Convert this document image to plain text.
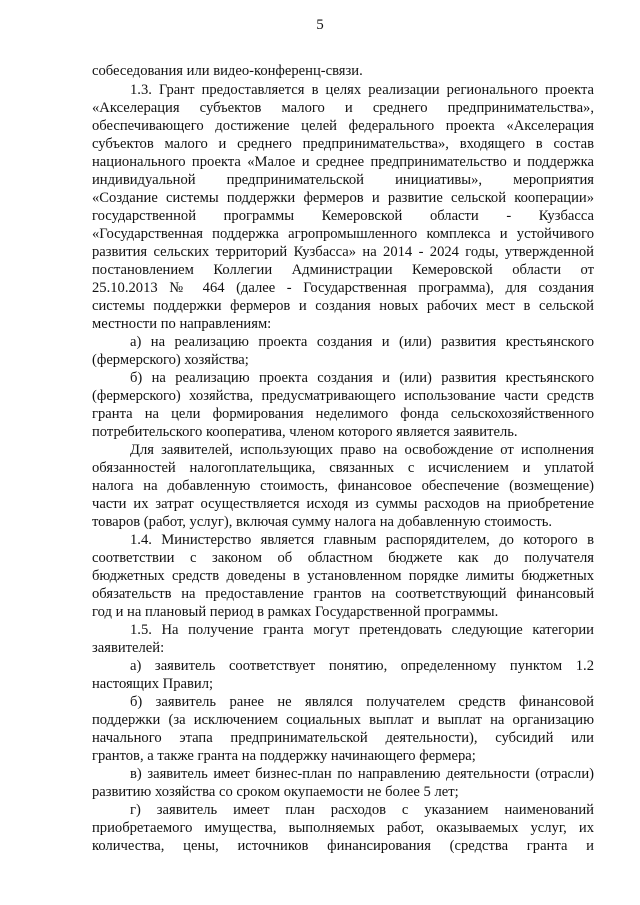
5
собеседования или видео-конференц-связи.
1.3. Грант предоставляется в целях реализации регионального проекта
«Акселерация субъектов малого и среднего предпринимательства»,
обеспечивающего достижение целей федерального проекта «Акселерация
субъектов малого и среднего предпринимательства», входящего в состав
национального проекта «Малое и среднее предпринимательство и поддержка
индивидуальной предпринимательской инициативы», мероприятия
«Создание системы поддержки фермеров и развитие сельской кооперации»
государственной программы Кемеровской области - Кузбасса
«Государственная поддержка агропромышленного комплекса и устойчивого
развития сельских территорий Кузбасса» на 2014 - 2024 годы, утвержденной
постановлением Коллегии Администрации Кемеровской области от
25.10.2013 № 464 (далее - Государственная программа), для создания
системы поддержки фермеров и создания новых рабочих мест в сельской
местности по направлениям:
а) на реализацию проекта создания и (или) развития крестьянского
(фермерского) хозяйства;
б) на реализацию проекта создания и (или) развития крестьянского
(фермерского) хозяйства, предусматривающего использование части средств
гранта на цели формирования неделимого фонда сельскохозяйственного
потребительского кооператива, членом которого является заявитель.
Для заявителей, использующих право на освобождение от исполнения
обязанностей налогоплательщика, связанных с исчислением и уплатой
налога на добавленную стоимость, финансовое обеспечение (возмещение)
части их затрат осуществляется исходя из суммы расходов на приобретение
товаров (работ, услуг), включая сумму налога на добавленную стоимость.
1.4. Министерство является главным распорядителем, до которого в
соответствии с законом об областном бюджете как до получателя
бюджетных средств доведены в установленном порядке лимиты бюджетных
обязательств на предоставление грантов на соответствующий финансовый
год и на плановый период в рамках Государственной программы.
1.5. На получение гранта могут претендовать следующие категории
заявителей:
а) заявитель соответствует понятию, определенному пунктом 1.2
настоящих Правил;
б) заявитель ранее не являлся получателем средств финансовой
поддержки (за исключением социальных выплат и выплат на организацию
начального этапа предпринимательской деятельности), субсидий или
грантов, а также гранта на поддержку начинающего фермера;
в) заявитель имеет бизнес-план по направлению деятельности (отрасли)
развитию хозяйства со сроком окупаемости не более 5 лет;
г) заявитель имеет план расходов с указанием наименований
приобретаемого имущества, выполняемых работ, оказываемых услуг, их
количества, цены, источников финансирования (средства гранта и
